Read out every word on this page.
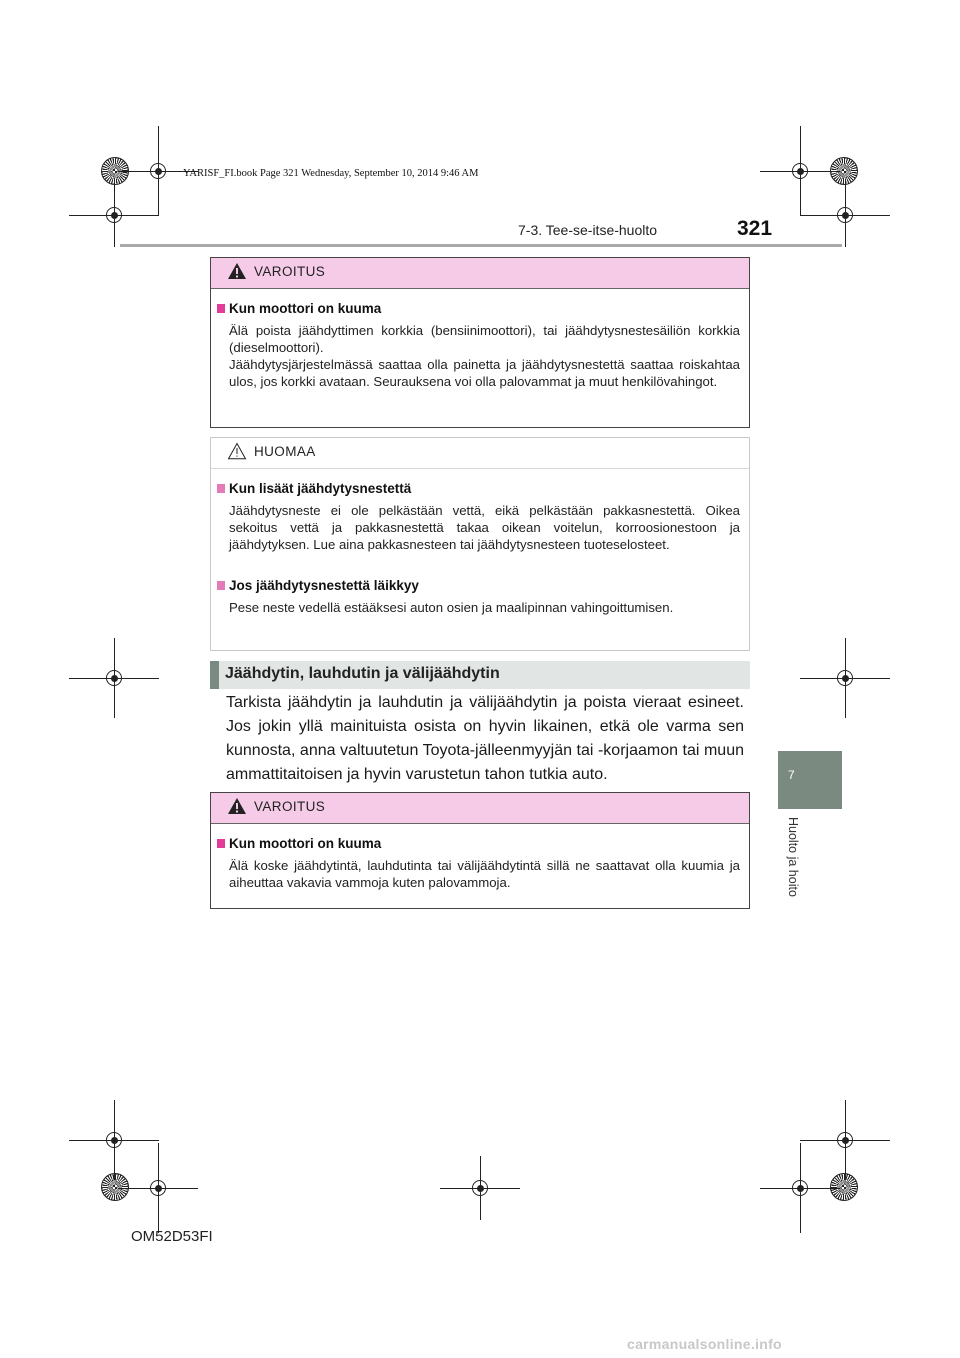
YARISF_FI.book Page 321 Wednesday, September 10, 2014 9:46 AM
7-3. Tee-se-itse-huolto	321
7
Huolto ja hoito
VAROITUS
Kun moottori on kuuma

Älä poista jäähdyttimen korkkia (bensiinimoottori), tai jäähdytysnestesäiliön korkkia (dieselmoottori).

Jäähdytysjärjestelmässä saattaa olla painetta ja jäähdytysnestettä saattaa roiskahtaa ulos, jos korkki avataan. Seurauksena voi olla palovammat ja muut henkilövahingot.

HUOMAA
Kun lisäät jäähdytysnestettä
Jäähdytysneste ei ole pelkästään vettä, eikä pelkästään pakkasnestettä. Oikea sekoitus vettä ja pakkasnestettä takaa oikean voitelun, korroosionestoon ja jäähdytyksen. Lue aina pakkasnesteen tai jäähdytysnesteen tuoteselosteet.
Jos jäähdytysnestettä läikkyy
Pese neste vedellä estääksesi auton osien ja maalipinnan vahingoittumisen.
Jäähdytin, lauhdutin ja välijäähdytin
Tarkista jäähdytin ja lauhdutin ja välijäähdytin ja poista vieraat esineet. Jos jokin yllä mainituista osista on hyvin likainen, etkä ole varma sen kunnosta, anna valtuutetun Toyota-jälleenmyyjän tai -korjaamon tai muun ammattitaitoisen ja hyvin varustetun tahon tutkia auto.
VAROITUS
Kun moottori on kuuma
Älä koske jäähdytintä, lauhdutinta tai välijäähdytintä sillä ne saattavat olla kuumia ja aiheuttaa vakavia vammoja kuten palovammoja.
OM52D53FI
carmanualsonline.info
